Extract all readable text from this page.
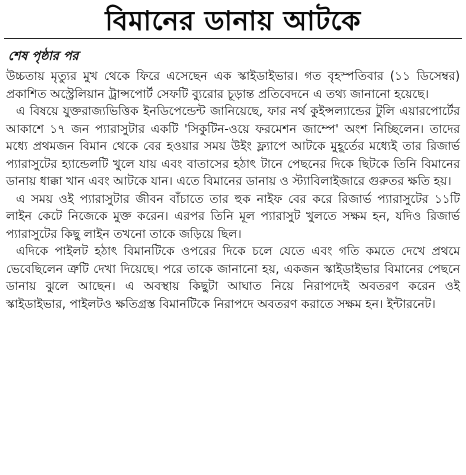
বিমানের ডানায় আটকে
শেষ পৃষ্ঠার পর

উচ্চতায় মৃত্যুর মুখ থেকে ফিরে এসেছেন এক স্কাইডাইভার। গত বৃহস্পতিবার (১১ ডিসেম্বর) প্রকাশিত অস্ট্রেলিয়ান ট্রান্সপোর্ট সেফটি ব্যুরোর চূড়ান্ত প্রতিবেদনে এ তথ্য জানানো হয়েছে।

এ বিষয়ে যুক্তরাজ্যভিত্তিক ইনডিপেন্ডেন্ট জানিয়েছে, ফার নর্থ কুইন্সল্যান্ডের টুলি এয়ারপোর্টের আকাশে ১৭ জন প্যারাসুটার একটি 'সিকুটিন-ওয়ে ফরমেশন জাম্পে' অংশ নিচ্ছিলেন। তাদের মধ্যে প্রথমজন বিমান থেকে বের হওয়ার সময় উইং ফ্ল্যাপে আটকে মুহূর্তের মধ্যেই তার রিজার্ভ প্যারাসুটের হ্যান্ডেলটি খুলে যায় এবং বাতাসের হঠাৎ টানে পেছনের দিকে ছিটকে তিনি বিমানের ডানায় ধাক্কা খান এবং আটকে যান। এতে বিমানের ডানায় ও স্ট্যাবিলাইজারে গুরুতর ক্ষতি হয়।

এ সময় ওই প্যারাসুটার জীবন বাঁচাতে তার হুক নাইফ বের করে রিজার্ভ প্যারাসুটের ১১টি লাইন কেটে নিজেকে মুক্ত করেন। এরপর তিনি মূল প্যারাসুট খুলতে সক্ষম হন, যদিও রিজার্ভ প্যারাসুটের কিছু লাইন তখনো তাকে জড়িয়ে ছিল।

এদিকে পাইলট হঠাৎ বিমানটিকে ওপরের দিকে চলে যেতে এবং গতি কমতে দেখে প্রথমে ভেবেছিলেন ত্রুটি দেখা দিয়েছে। পরে তাকে জানানো হয়, একজন স্কাইডাইভার বিমানের পেছনে ডানায় ঝুলে আছেন। এ অবস্থায় কিছুটা আঘাত নিয়ে নিরাপদেই অবতরণ করেন ওই স্কাইডাইভার, পাইলটও ক্ষতিগ্রস্ত বিমানটিকে নিরাপদে অবতরণ করাতে সক্ষম হন। ইন্টারনেট।
